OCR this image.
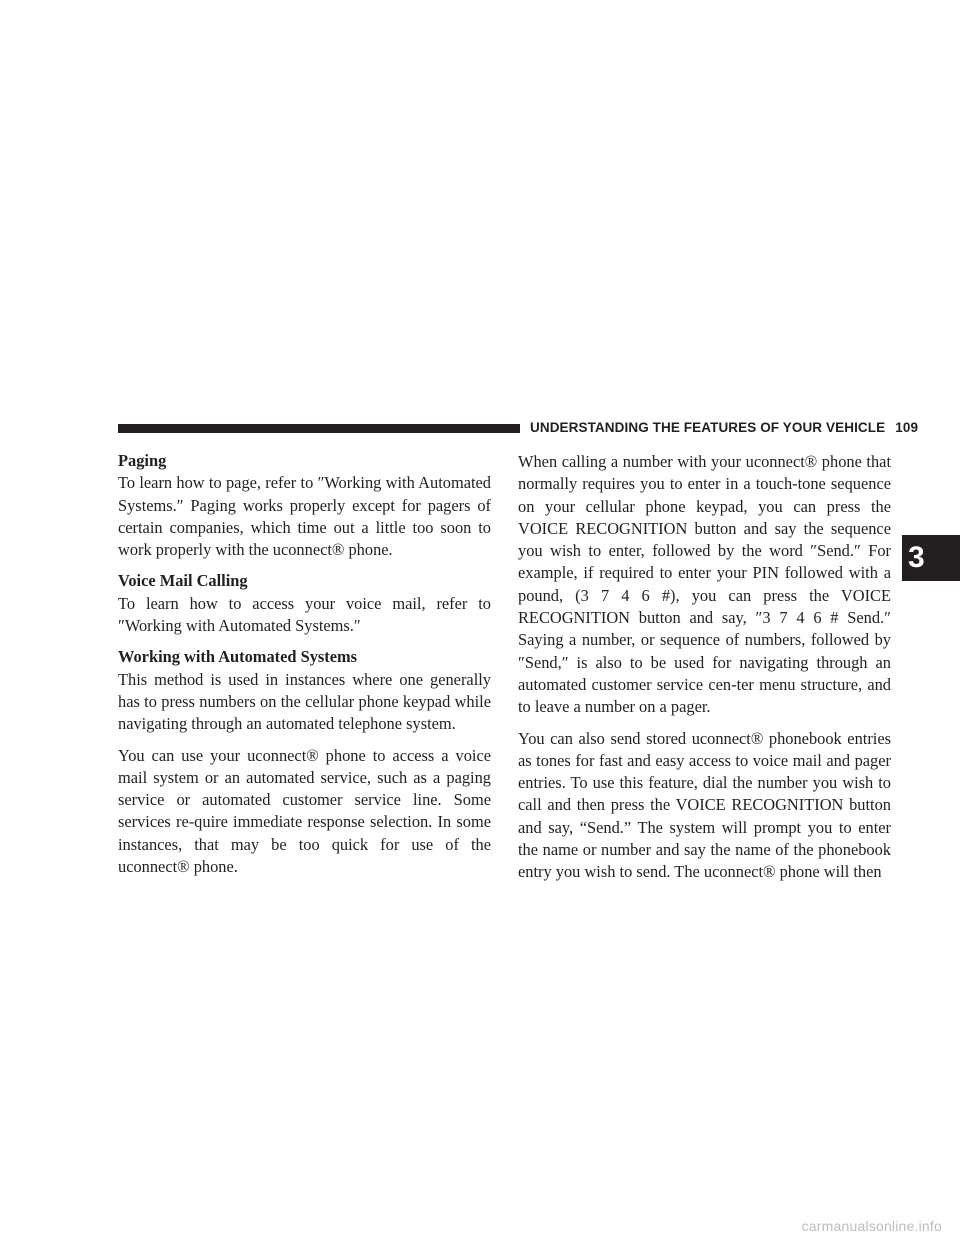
UNDERSTANDING THE FEATURES OF YOUR VEHICLE 109
3
Paging

To learn how to page, refer to ″Working with Automated Systems.″ Paging works properly except for pagers of certain companies, which time out a little too soon to work properly with the uconnect® phone.

Voice Mail Calling

To learn how to access your voice mail, refer to ″Working with Automated Systems.″

Working with Automated Systems

This method is used in instances where one generally has to press numbers on the cellular phone keypad while navigating through an automated telephone system.

You can use your uconnect® phone to access a voice mail system or an automated service, such as a paging service or automated customer service line. Some services re-quire immediate response selection. In some instances, that may be too quick for use of the uconnect® phone.

When calling a number with your uconnect® phone that normally requires you to enter in a touch-tone sequence on your cellular phone keypad, you can press the VOICE RECOGNITION button and say the sequence you wish to enter, followed by the word ″Send.″ For example, if required to enter your PIN followed with a pound, (3 7 4 6 #), you can press the VOICE RECOGNITION button and say, ″3 7 4 6 # Send.″ Saying a number, or sequence of numbers, followed by ″Send,″ is also to be used for navigating through an automated customer service cen-ter menu structure, and to leave a number on a pager.

You can also send stored uconnect® phonebook entries as tones for fast and easy access to voice mail and pager entries. To use this feature, dial the number you wish to call and then press the VOICE RECOGNITION button and say, “Send.” The system will prompt you to enter the name or number and say the name of the phonebook entry you wish to send. The uconnect® phone will then

carmanualsonline.info
